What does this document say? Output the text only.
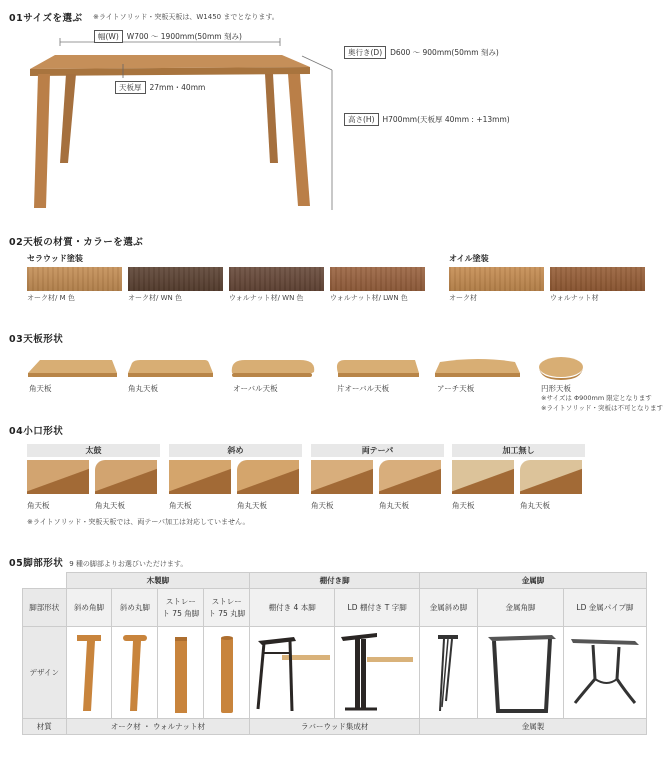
01サイズを選ぶ ※ライトソリッド・突板天板は、W1450 までとなります。
幅(W)	W700 〜 1900mm(50mm 刻み)
奥行き(D)	D600 〜 900mm(50mm 刻み)
天板厚	27mm・40mm
高さ(H)	H700mm(天板厚 40mm : +13mm)
02天板の材質・カラーを選ぶ
セラウッド塗装	オイル塗装
オーク材/ M 色	オーク材/ WN 色	ウォルナット材/ WN 色	ウォルナット材/ LWN 色	オーク材	ウォルナット材
03天板形状
角天板	角丸天板	オーバル天板	片オーバル天板	アーチ天板	円形天板
※サイズは Φ900mm 限定となります
※ライトソリッド・突板は不可となります
04小口形状
太鼓
角天板	角丸天板
斜め
角天板	角丸天板
両テーパ
角天板	角丸天板
加工無し
角天板	角丸天板
※ライトソリッド・突板天板では、両テーパ加工は対応していません。
05脚部形状 9 種の脚部よりお選びいただけます。
	木製脚				棚付き脚		金属脚		
脚部形状	斜め角脚	斜め丸脚	ストレート 75 角脚	ストレート 75 丸脚	棚付き 4 本脚	LD 棚付き T 字脚	金属斜め脚	金属角脚	LD 金属パイプ脚
デザイン									
材質	オーク材 ・ ウォルナット材				ラバーウッド集成材		金属製		
